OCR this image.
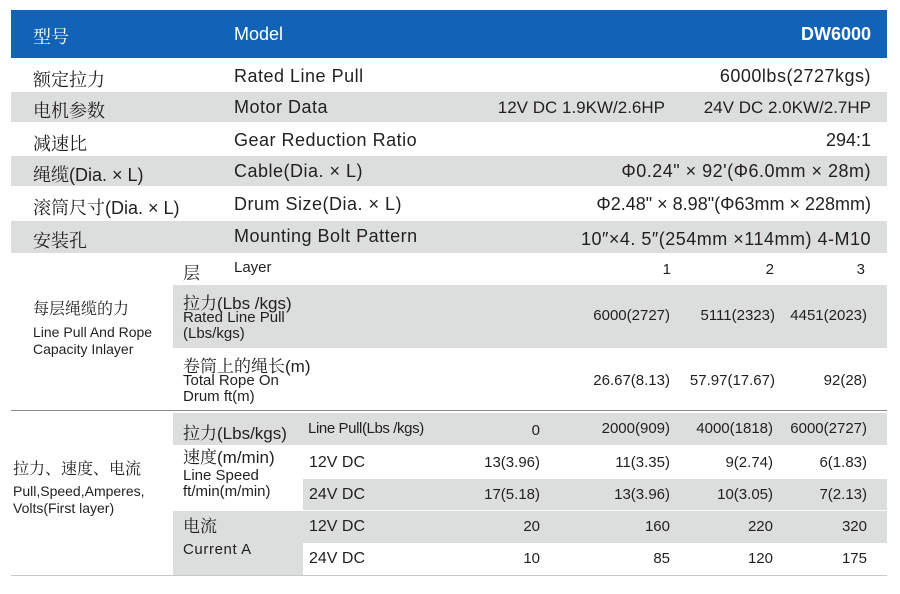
型号	Model	DW6000
额定拉力	Rated Line Pull	6000lbs(2727kgs)
电机参数	Motor Data	12V DC 1.9KW/2.6HP 24V DC 2.0KW/2.7HP
减速比	Gear Reduction Ratio	294:1
绳缆(Dia. × L)	Cable(Dia. × L)	Φ0.24" × 92'(Φ6.0mm × 28m)
滚筒尺寸(Dia. × L)	Drum Size(Dia. × L)	Φ2.48" × 8.98"(Φ63mm × 228mm)
安装孔	Mounting Bolt Pattern	10″×4. 5″(254mm ×114mm) 4-M10
每层绳缆的力
Line Pull And Rope
Capacity Inlayer
层 Layer	1	2	3
拉力(Lbs /kgs)
Rated Line Pull
(Lbs/kgs)
6000(2727) 5111(2323) 4451(2023)
卷筒上的绳长(m)
Total Rope On
Drum ft(m)
26.67(8.13) 57.97(17.67)	92(28)
拉力、速度、电流
Pull,Speed,Amperes,
Volts(First layer)
拉力(Lbs/kgs) Line Pull(Lbs /kgs)	0	2000(909) 4000(1818) 6000(2727)
速度(m/min)
Line Speed
ft/min(m/min)
12V DC	13(3.96)	11(3.35)	9(2.74)	6(1.83)
24V DC	17(5.18)	13(3.96)	10(3.05)	7(2.13)
12V DC	20	160	220	320
电流
Current A
24V DC	10	85	120	175
